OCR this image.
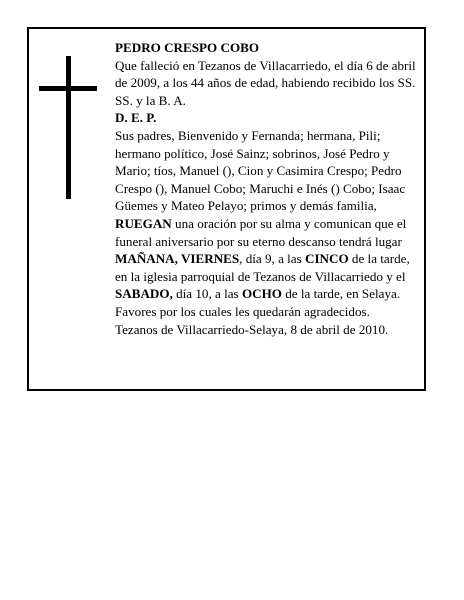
PEDRO CRESPO COBO

Que falleció en Tezanos de Villacarriedo, el día 6 de abril de 2009, a los 44 años de edad, habiendo recibido los SS. SS. y la B. A.

D. E. P.

Sus padres, Bienvenido y Fernanda; hermana, Pili; hermano político, José Sainz; sobrinos, José Pedro y Mario; tíos, Manuel (), Cion y Casimira Crespo; Pedro Crespo (), Manuel Cobo; Maruchi e Inés () Cobo; Isaac Güemes y Mateo Pelayo; primos y demás familia,

RUEGAN una oración por su alma y comunican que el funeral aniversario por su eterno descanso tendrá lugar MAÑANA, VIERNES, día 9, a las CINCO de la tarde, en la iglesia parroquial de Tezanos de Villacarriedo y el SABADO, día 10, a las OCHO de la tarde, en Selaya. Favores por los cuales les quedarán agradecidos.

Tezanos de Villacarriedo-Selaya, 8 de abril de 2010.
